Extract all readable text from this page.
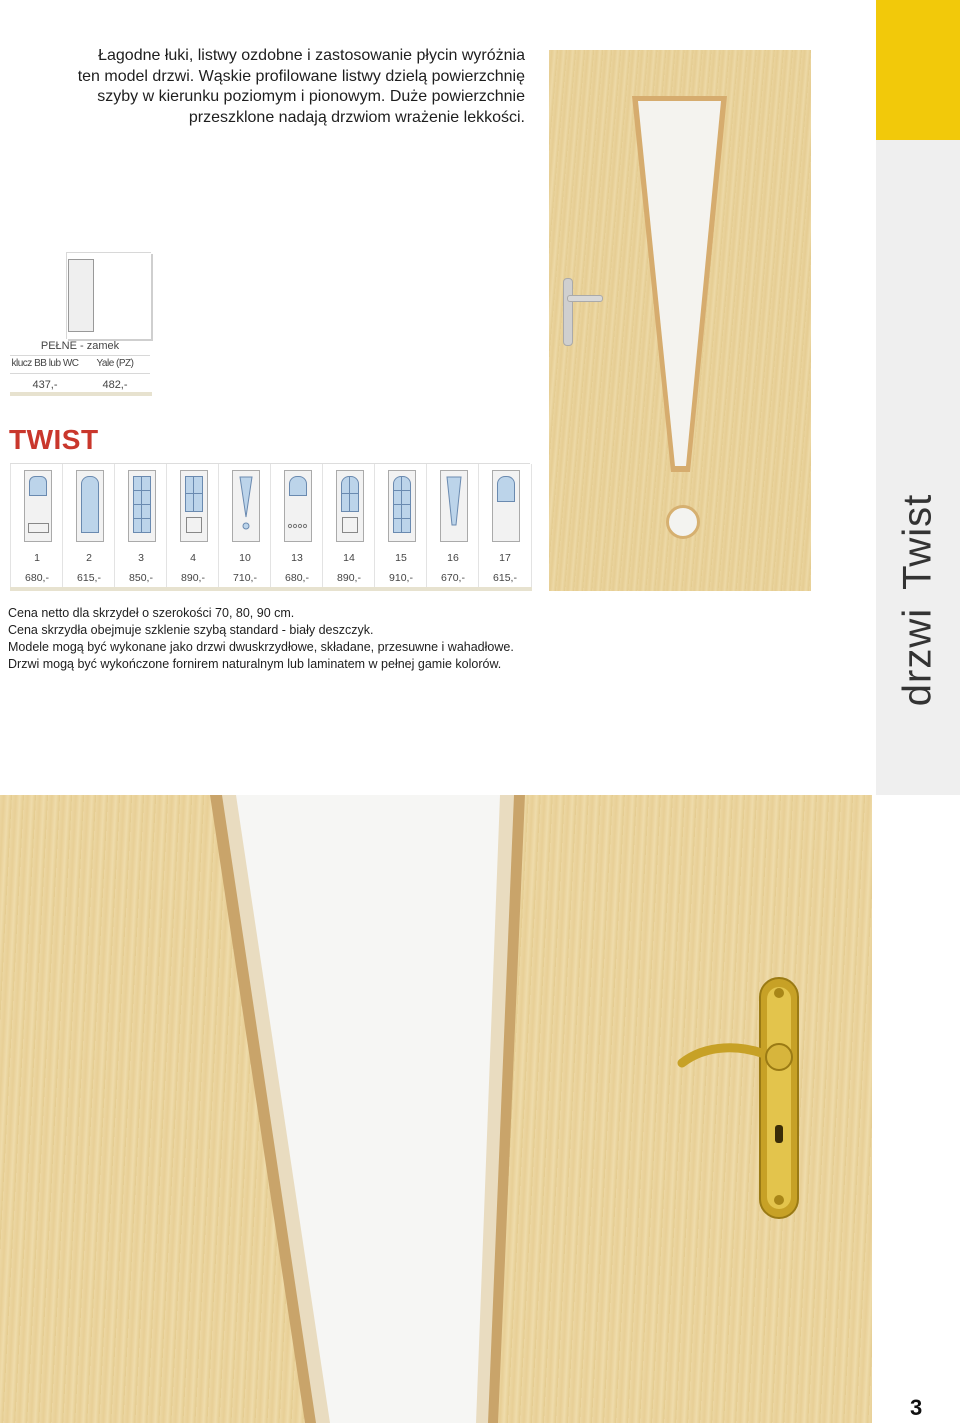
drzwiTwist
Łagodne łuki, listwy ozdobne i zastosowanie płycin wyróżnia
ten model drzwi. Wąskie profilowane listwy dzielą powierzchnię
szyby w kierunku poziomym i pionowym. Duże powierzchnie
przeszklone nadają drzwiom wrażenie lekkości.
PEŁNE - zamek
klucz BB lub WC	Yale (PZ)
437,-	482,-
TWIST
1
680,-
2
615,-
3
850,-
4
890,-
10
710,-
13
680,-
14
890,-
15
910,-
16
670,-
17
615,-
Cena netto dla skrzydeł o szerokości 70, 80, 90 cm.
Cena skrzydła obejmuje szklenie szybą standard - biały deszczyk.
Modele mogą być wykonane jako drzwi dwuskrzydłowe, składane, przesuwne i wahadłowe.
Drzwi mogą być wykończone fornirem naturalnym lub laminatem w pełnej gamie kolorów.
3
